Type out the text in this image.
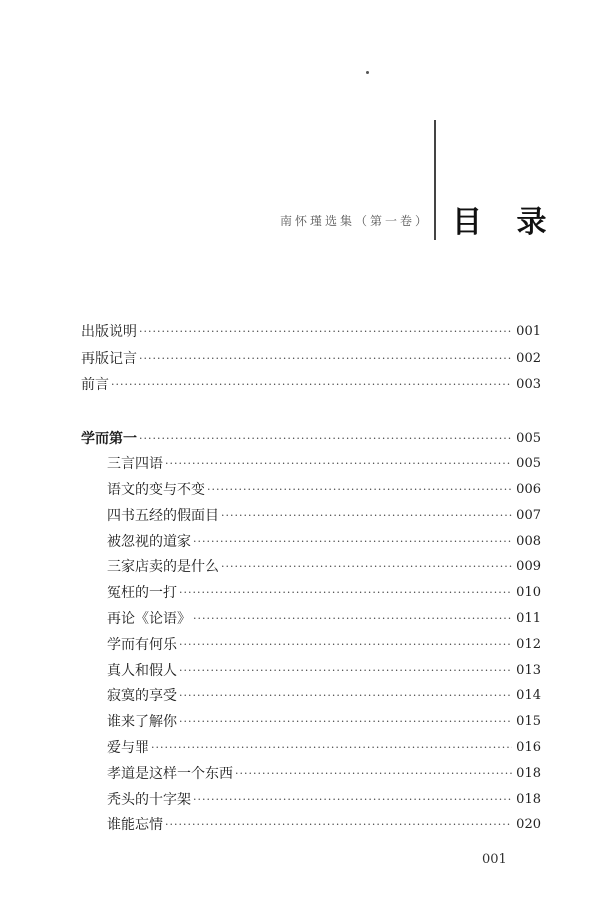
南怀瑾选集（第一卷） 目 录
出版说明 ·····	001
再版记言 ·····	002
前言 ·····	003
学而第一 ·····	005
三言四语 ·····	005
语文的变与不变 ·····	006
四书五经的假面目 ·····	007
被忽视的道家 ·····	008
三家店卖的是什么 ·····	009
冤枉的一打 ·····	010
再论《论语》 ·····	011
学而有何乐 ·····	012
真人和假人 ·····	013
寂寞的享受 ·····	014
谁来了解你 ·····	015
爱与罪 ·····	016
孝道是这样一个东西 ·····	018
秃头的十字架 ·····	018
谁能忘情 ·····	020
001
